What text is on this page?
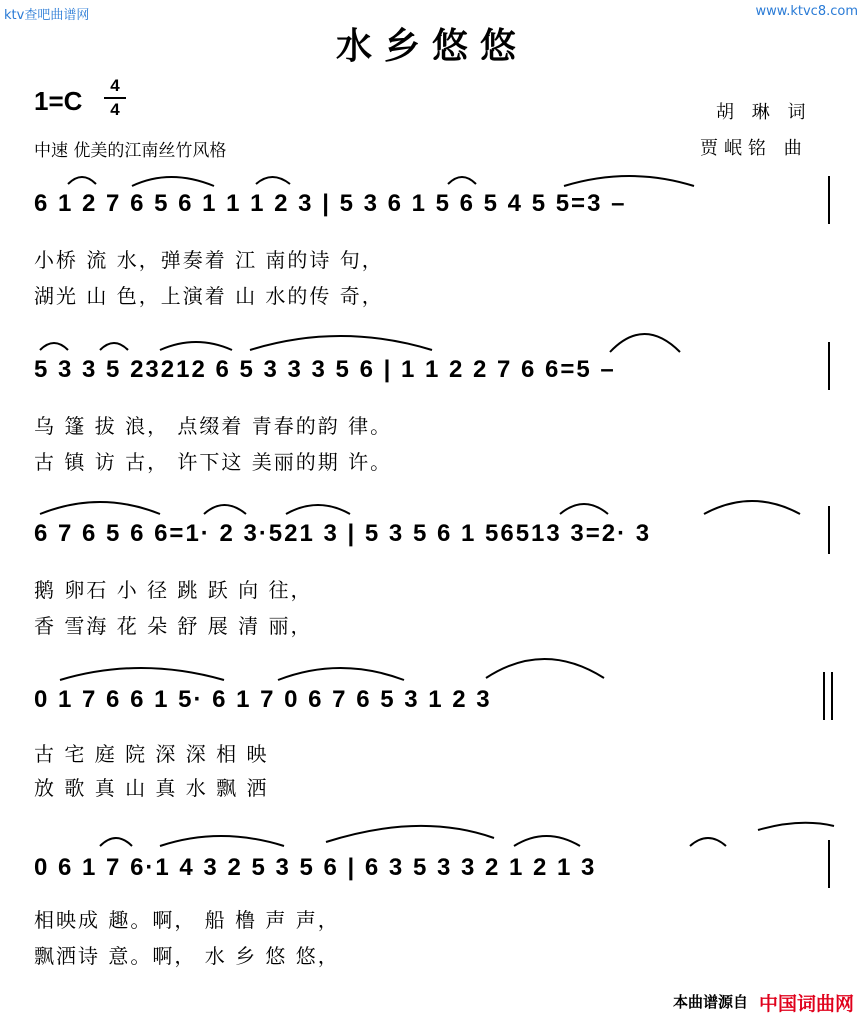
ktv查吧曲谱网	www.ktvc8.com
水乡悠悠
1=C
4
4	胡 琳 词
贾岷铭 曲
中速 优美的江南丝竹风格
6 1 2 7 6 5 6 1 1 1 2 3 | 5 3 6 1 5 6 5 4 5 5=3 –
小桥 流 水，弹奏着 江 南的诗 句，
湖光 山 色，上演着 山 水的传 奇，
5 3 3 5 23212 6 5 3 3 3 5 6 | 1 1 2 2 7 6 6=5 –
乌 篷 拔 浪， 点缀着 青春的韵 律。
古 镇 访 古， 许下这 美丽的期 许。
6 7 6 5 6 6=1· 2 3·521 3 | 5 3 5 6 1 56513 3=2· 3
鹅 卵石 小 径 跳 跃 向 往，
香 雪海 花 朵 舒 展 清 丽，
0 1 7 6 6 1 5· 6 1 7 0 6 7 6 5 3 1 2 3
古 宅 庭 院 深 深 相 映
放 歌 真 山 真 水 飘 洒
0 6 1 7 6·1 4 3 2 5 3 5 6 | 6 3 5 3 3 2 1 2 1 3
相映成 趣。啊， 船 橹 声 声，
飘洒诗 意。啊， 水 乡 悠 悠，
本曲谱源自 中国词曲网
